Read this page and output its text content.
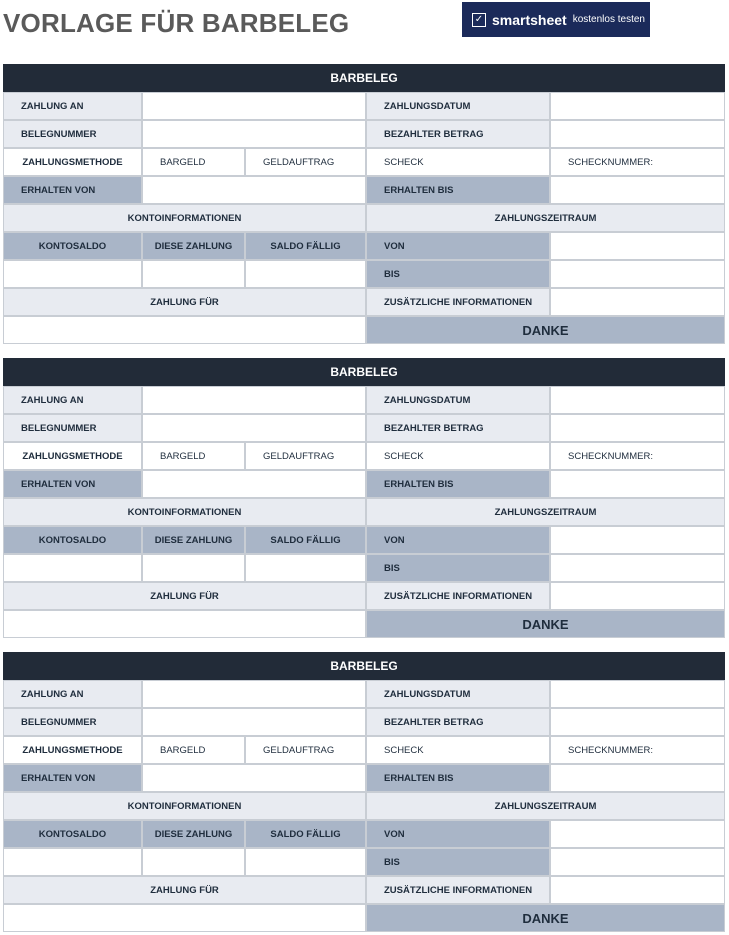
VORLAGE FÜR BARBELEG	✓ smartsheet kostenlos testen
BARBELEG
ZAHLUNG AN	ZAHLUNGSDATUM
BELEGNUMMER	BEZAHLTER BETRAG
ZAHLUNGSMETHODE	BARGELD	GELDAUFTRAG	SCHECK	SCHECKNUMMER:
ERHALTEN VON	ERHALTEN BIS
KONTOINFORMATIONEN	ZAHLUNGSZEITRAUM
KONTOSALDO	DIESE ZAHLUNG	SALDO FÄLLIG	VON
BIS
ZAHLUNG FÜR	ZUSÄTZLICHE INFORMATIONEN
DANKE
BARBELEG
ZAHLUNG AN	ZAHLUNGSDATUM
BELEGNUMMER	BEZAHLTER BETRAG
ZAHLUNGSMETHODE	BARGELD	GELDAUFTRAG	SCHECK	SCHECKNUMMER:
ERHALTEN VON	ERHALTEN BIS
KONTOINFORMATIONEN	ZAHLUNGSZEITRAUM
KONTOSALDO	DIESE ZAHLUNG	SALDO FÄLLIG	VON
BIS
ZAHLUNG FÜR	ZUSÄTZLICHE INFORMATIONEN
DANKE
BARBELEG
ZAHLUNG AN	ZAHLUNGSDATUM
BELEGNUMMER	BEZAHLTER BETRAG
ZAHLUNGSMETHODE	BARGELD	GELDAUFTRAG	SCHECK	SCHECKNUMMER:
ERHALTEN VON	ERHALTEN BIS
KONTOINFORMATIONEN	ZAHLUNGSZEITRAUM
KONTOSALDO	DIESE ZAHLUNG	SALDO FÄLLIG	VON
BIS
ZAHLUNG FÜR	ZUSÄTZLICHE INFORMATIONEN
DANKE
